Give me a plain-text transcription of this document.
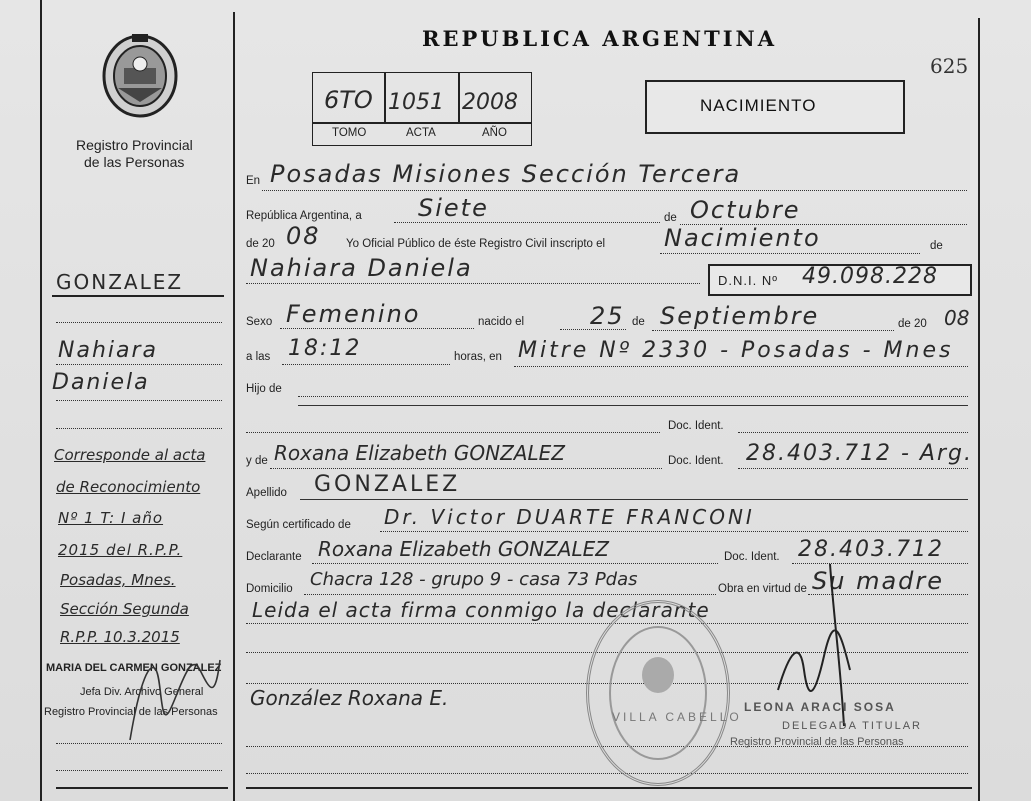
REPUBLICA ARGENTINA
625
Registro Provincial
de las Personas
6TO 1051 2008
TOMO	ACTA	AÑO
NACIMIENTO
GONZALEZ
Nahiara
Daniela
Corresponde al acta
de Reconocimiento
Nº 1 T: I año
2015 del R.P.P.
Posadas, Mnes.
Sección Segunda
R.P.P. 10.3.2015
MARIA DEL CARMEN GONZALEZ
Jefa Div. Archivo General
Registro Provincial de las Personas
En Posadas Misiones Sección Tercera
República Argentina, a Siete	de Octubre
de 20 08 Yo Oficial Público de éste Registro Civil inscripto el Nacimiento	de
Nahiara Daniela	D.N.I. Nº 49.098.228
Sexo Femenino	nacido el	25 de Septiembre	de 20 08
a las 18:12	horas, en Mitre Nº 2330 - Posadas - Mnes
Hijo de
Doc. Ident.
y de Roxana Elizabeth GONZALEZ	Doc. Ident. 28.403.712 - Arg.
Apellido GONZALEZ
Según certificado de Dr. Victor DUARTE FRANCONI
Declarante Roxana Elizabeth GONZALEZ	Doc. Ident. 28.403.712
Domicilio Chacra 128 - grupo 9 - casa 73 Pdas	Obra en virtud de Su madre
Leida el acta firma conmigo la declarante
González Roxana E.
VILLA CABELLO
LEONA ARACI SOSA
DELEGADA TITULAR
Registro Provincial de las Personas
